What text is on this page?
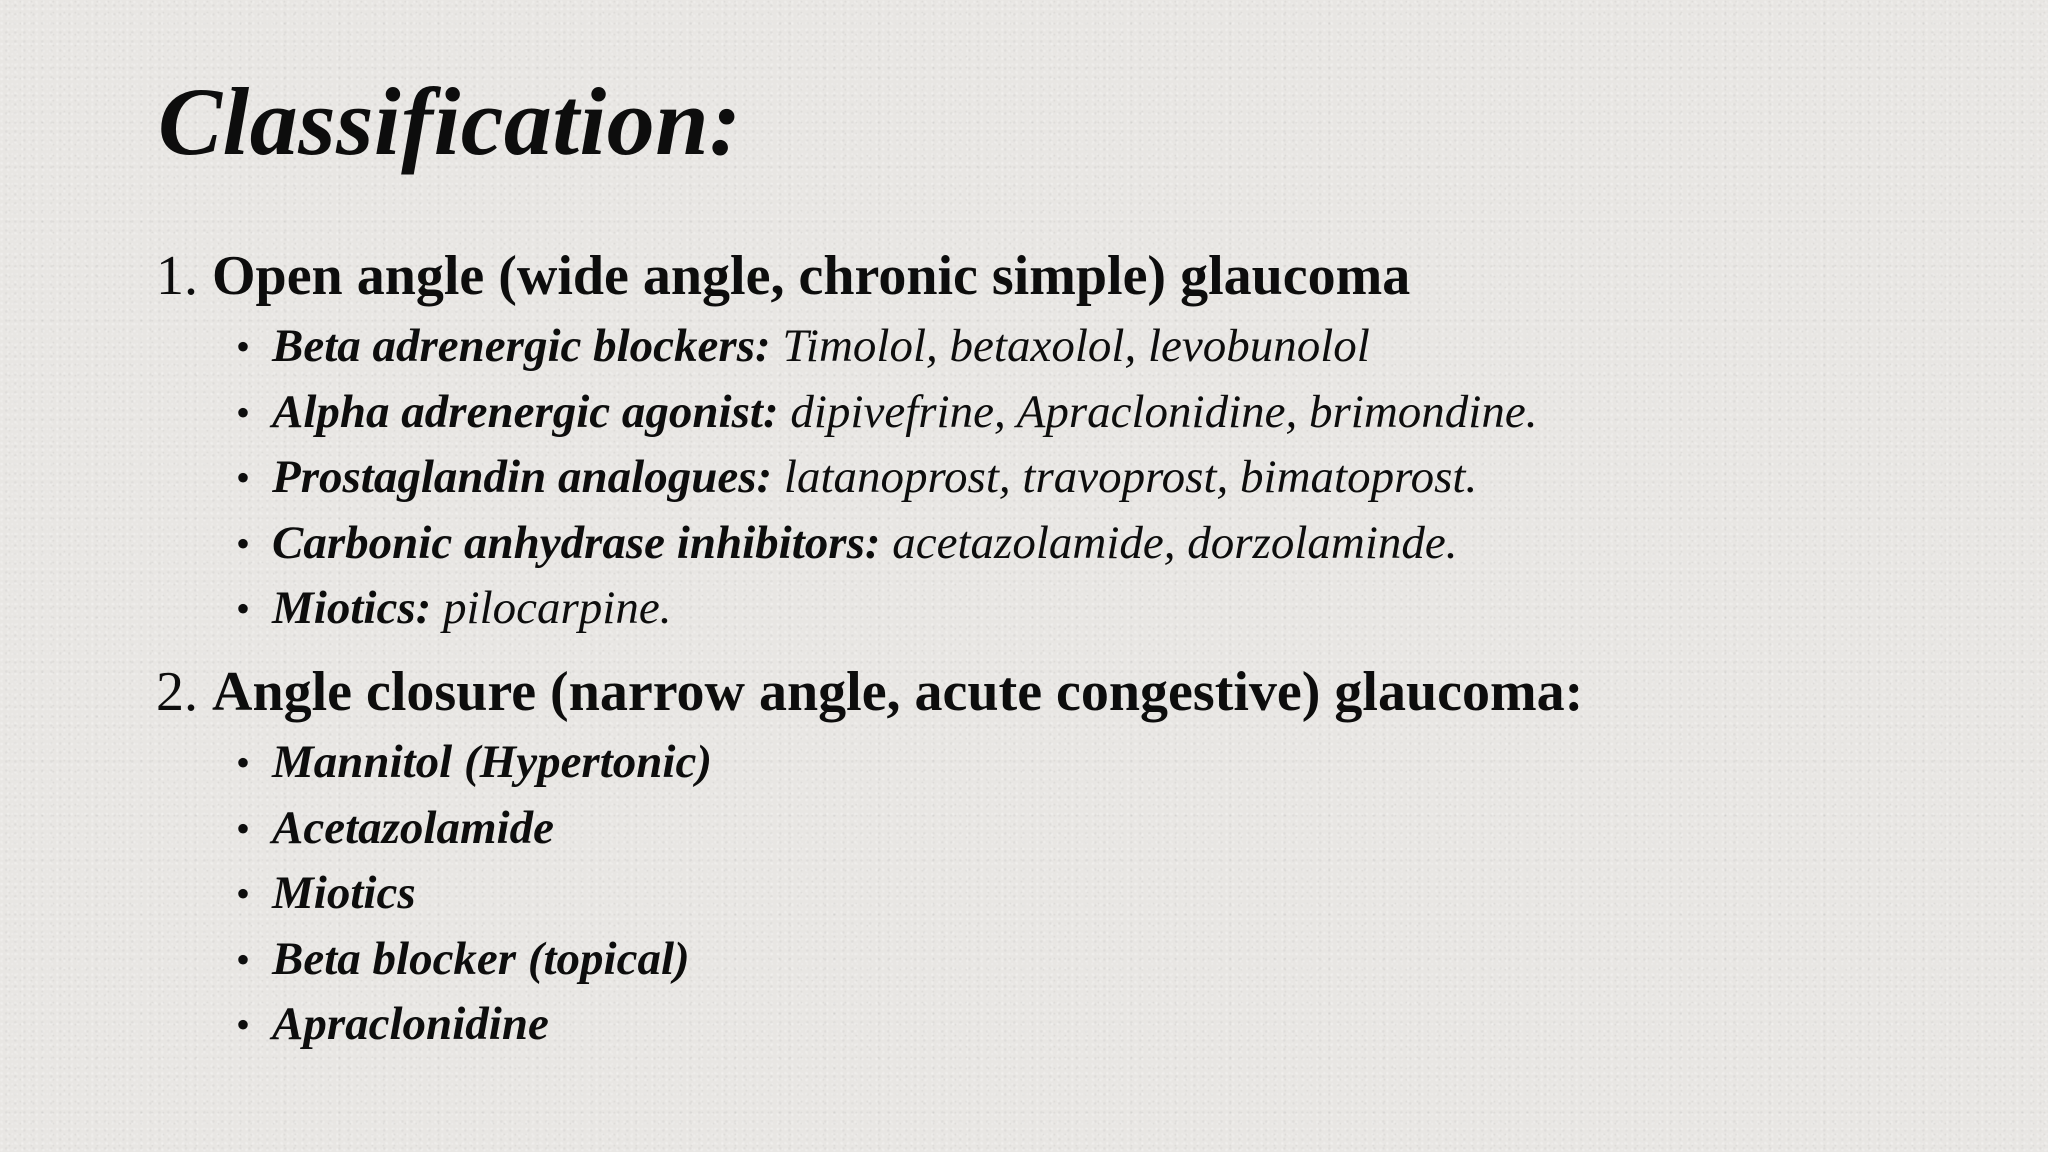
Classification:
1. Open angle (wide angle, chronic simple) glaucoma
• Beta adrenergic blockers: Timolol, betaxolol, levobunolol
• Alpha adrenergic agonist: dipivefrine, Apraclonidine, brimondine.
• Prostaglandin analogues: latanoprost, travoprost, bimatoprost.
• Carbonic anhydrase inhibitors: acetazolamide, dorzolaminde.
• Miotics: pilocarpine.
2. Angle closure (narrow angle, acute congestive) glaucoma:
• Mannitol (Hypertonic)
• Acetazolamide
• Miotics
• Beta blocker (topical)
• Apraclonidine
